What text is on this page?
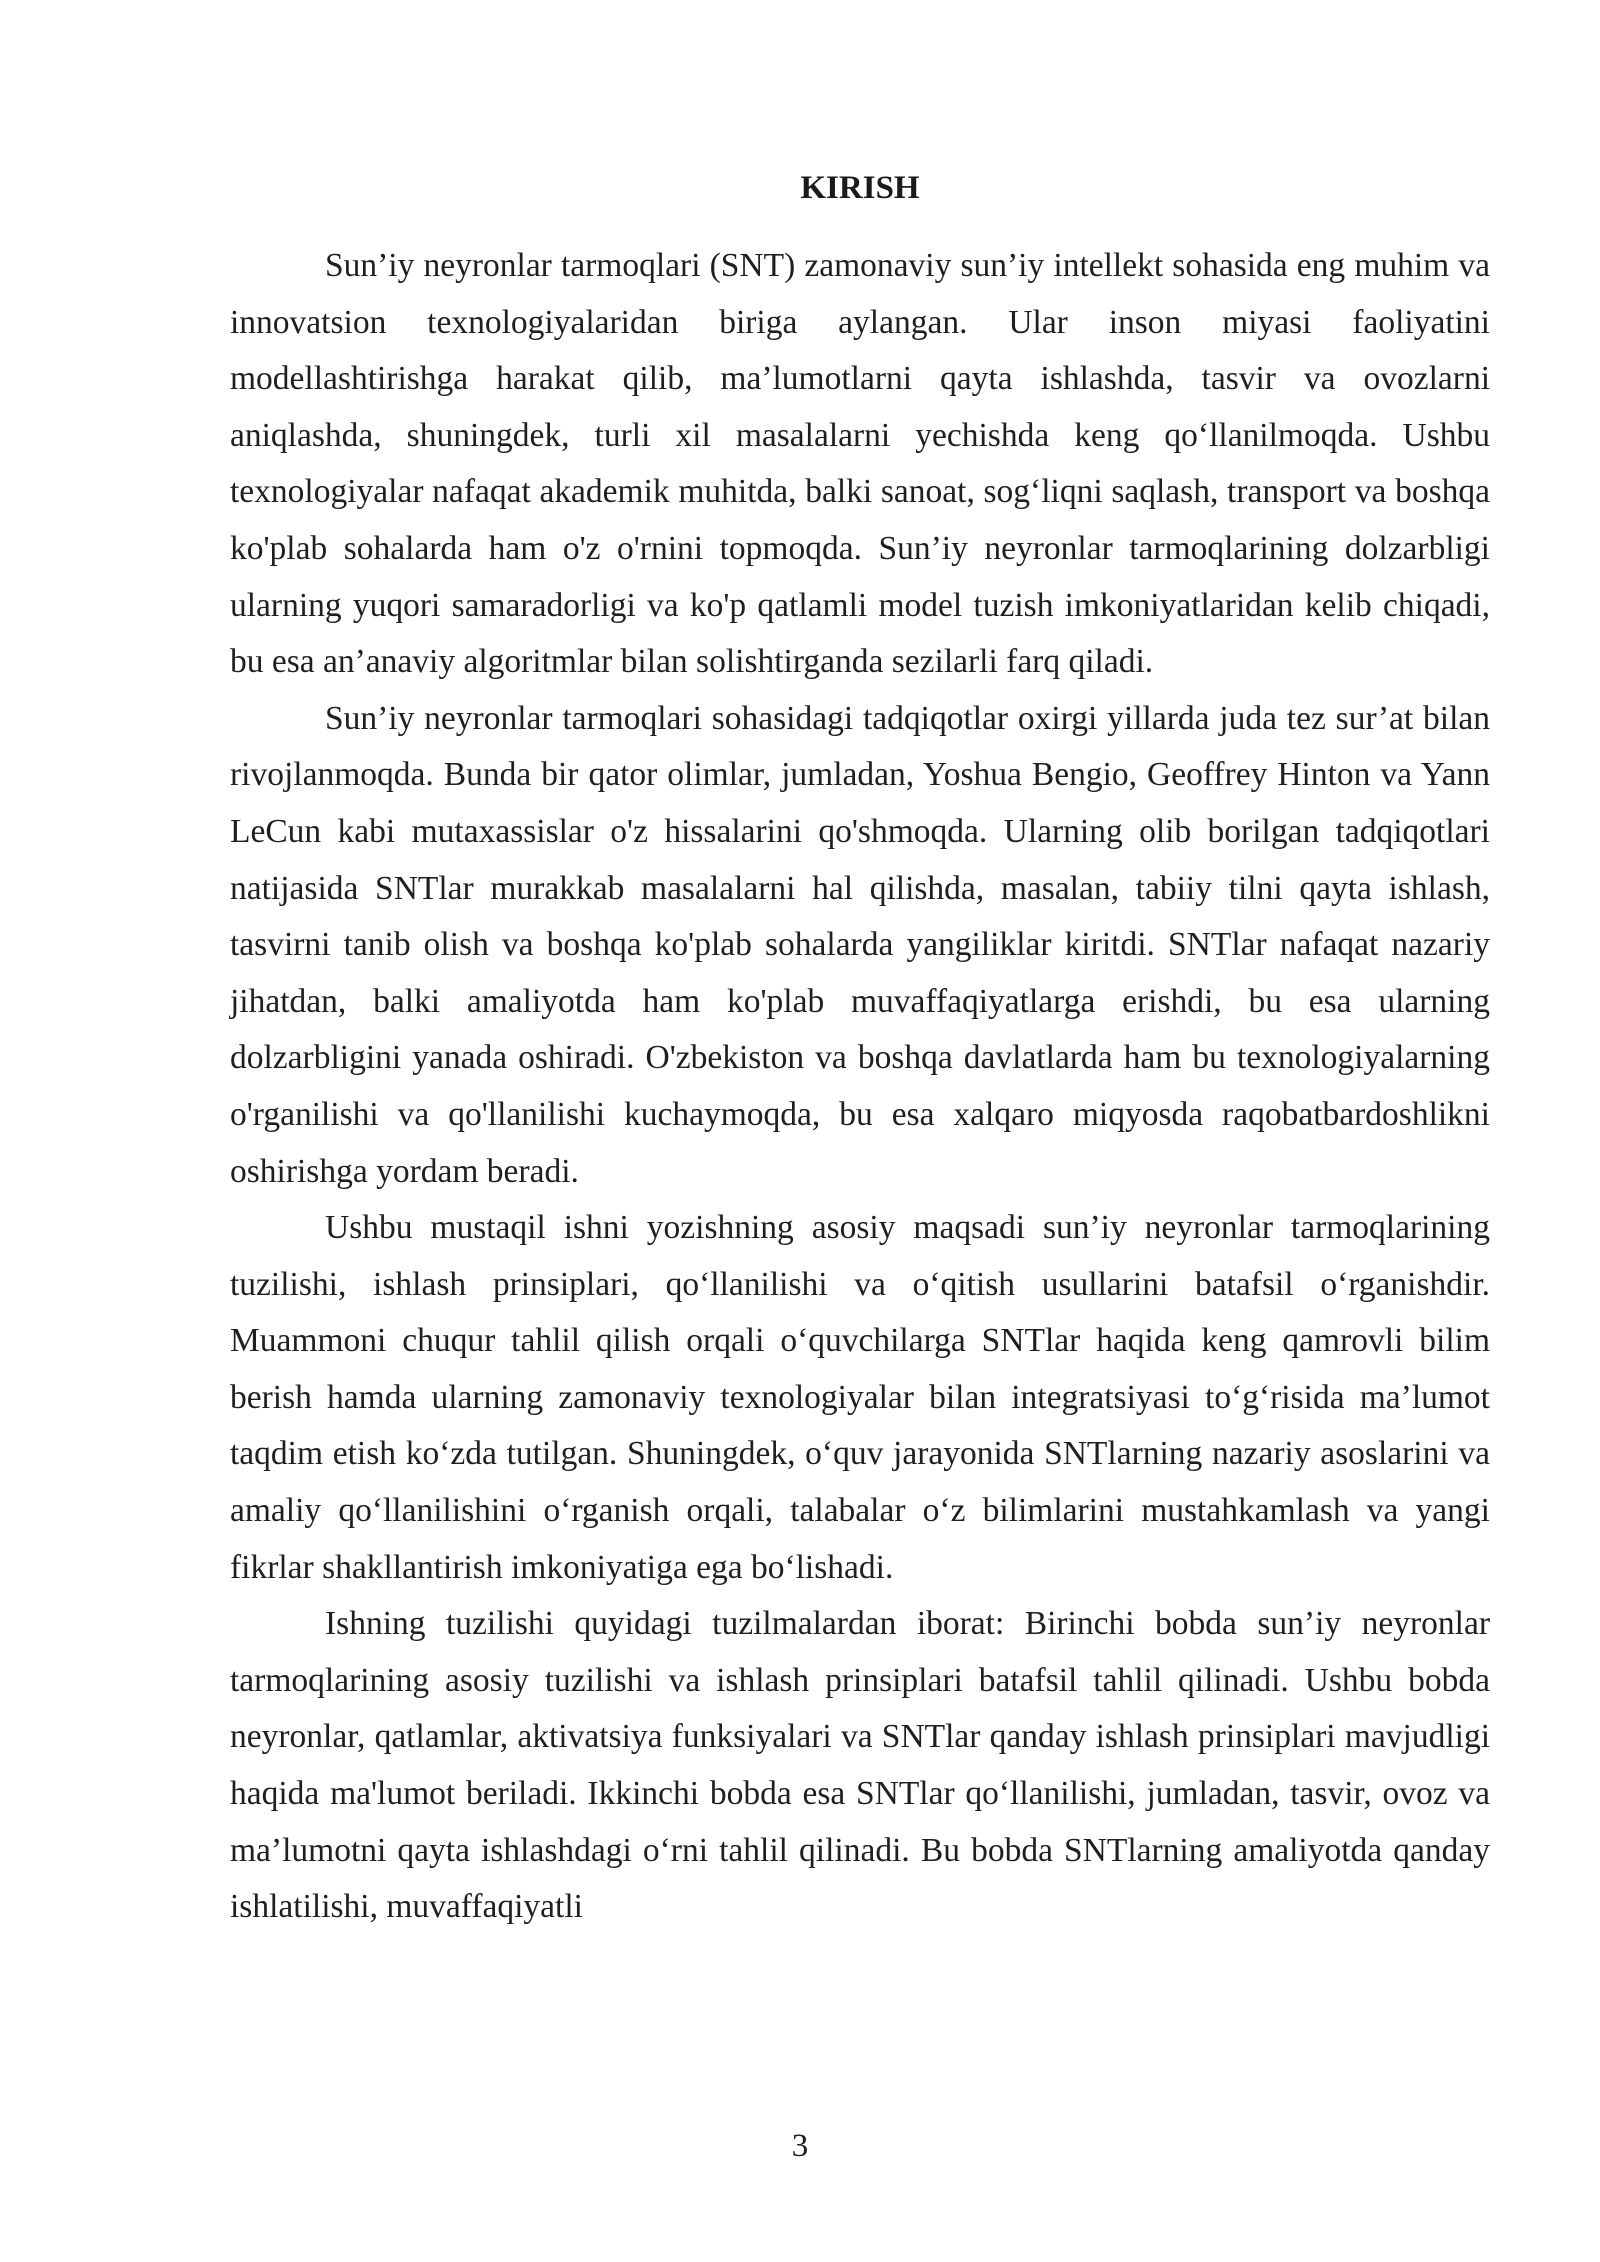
KIRISH

Sun’iy neyronlar tarmoqlari (SNT) zamonaviy sun’iy intellekt sohasida eng muhim va innovatsion texnologiyalaridan biriga aylangan. Ular inson miyasi faoliyatini modellashtirishga harakat qilib, ma’lumotlarni qayta ishlashda, tasvir va ovozlarni aniqlashda, shuningdek, turli xil masalalarni yechishda keng qo‘llanilmoqda. Ushbu texnologiyalar nafaqat akademik muhitda, balki sanoat, sog‘liqni saqlash, transport va boshqa ko'plab sohalarda ham o'z o'rnini topmoqda. Sun’iy neyronlar tarmoqlarining dolzarbligi ularning yuqori samaradorligi va ko'p qatlamli model tuzish imkoniyatlaridan kelib chiqadi, bu esa an’anaviy algoritmlar bilan solishtirganda sezilarli farq qiladi.

Sun’iy neyronlar tarmoqlari sohasidagi tadqiqotlar oxirgi yillarda juda tez sur’at bilan rivojlanmoqda. Bunda bir qator olimlar, jumladan, Yoshua Bengio, Geoffrey Hinton va Yann LeCun kabi mutaxassislar o'z hissalarini qo'shmoqda. Ularning olib borilgan tadqiqotlari natijasida SNTlar murakkab masalalarni hal qilishda, masalan, tabiiy tilni qayta ishlash, tasvirni tanib olish va boshqa ko'plab sohalarda yangiliklar kiritdi. SNTlar nafaqat nazariy jihatdan, balki amaliyotda ham ko'plab muvaffaqiyatlarga erishdi, bu esa ularning dolzarbligini yanada oshiradi. O'zbekiston va boshqa davlatlarda ham bu texnologiyalarning o'rganilishi va qo'llanilishi kuchaymoqda, bu esa xalqaro miqyosda raqobatbardoshlikni oshirishga yordam beradi.

Ushbu mustaqil ishni yozishning asosiy maqsadi sun’iy neyronlar tarmoqlarining tuzilishi, ishlash prinsiplari, qo‘llanilishi va o‘qitish usullarini batafsil o‘rganishdir. Muammoni chuqur tahlil qilish orqali o‘quvchilarga SNTlar haqida keng qamrovli bilim berish hamda ularning zamonaviy texnologiyalar bilan integratsiyasi to‘g‘risida ma’lumot taqdim etish ko‘zda tutilgan. Shuningdek, o‘quv jarayonida SNTlarning nazariy asoslarini va amaliy qo‘llanilishini o‘rganish orqali, talabalar o‘z bilimlarini mustahkamlash va yangi fikrlar shakllantirish imkoniyatiga ega bo‘lishadi.

Ishning tuzilishi quyidagi tuzilmalardan iborat: Birinchi bobda sun’iy neyronlar tarmoqlarining asosiy tuzilishi va ishlash prinsiplari batafsil tahlil qilinadi. Ushbu bobda neyronlar, qatlamlar, aktivatsiya funksiyalari va SNTlar qanday ishlash prinsiplari mavjudligi haqida ma'lumot beriladi. Ikkinchi bobda esa SNTlar qo‘llanilishi, jumladan, tasvir, ovoz va ma’lumotni qayta ishlashdagi o‘rni tahlil qilinadi. Bu bobda SNTlarning amaliyotda qanday ishlatilishi, muvaffaqiyatli

3
